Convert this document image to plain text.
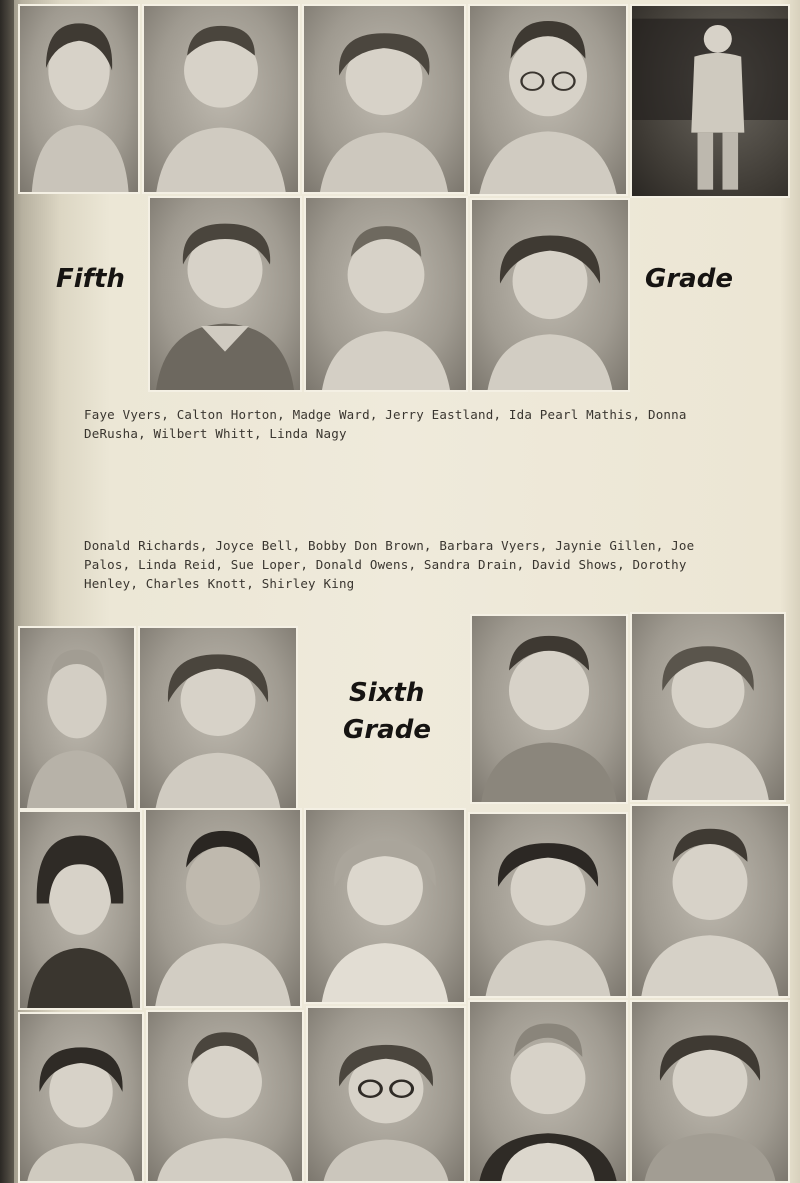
Fifth	Grade
Faye Vyers, Calton Horton, Madge Ward, Jerry Eastland, Ida Pearl Mathis, Donna DeRusha, Wilbert Whitt, Linda Nagy
Donald Richards, Joyce Bell, Bobby Don Brown, Barbara Vyers, Jaynie Gillen, Joe Palos, Linda Reid, Sue Loper, Donald Owens, Sandra Drain, David Shows, Dorothy Henley, Charles Knott, Shirley King
Sixth
Grade
